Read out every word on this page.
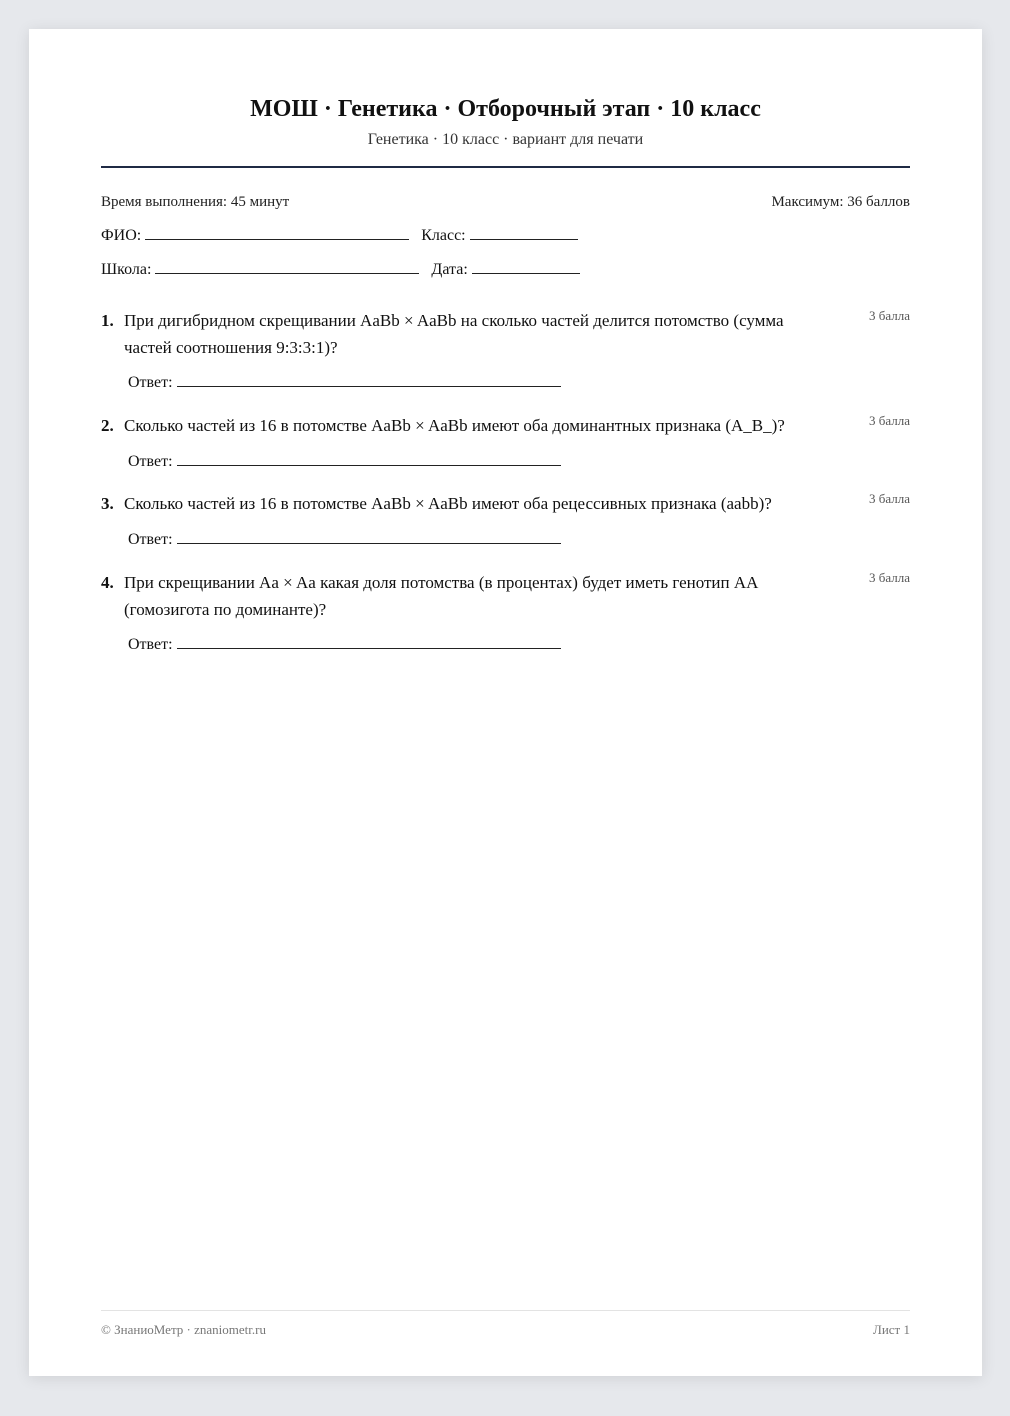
МОШ · Генетика · Отборочный этап · 10 класс
Генетика · 10 класс · вариант для печати
Время выполнения: 45 минут	Максимум: 36 баллов
ФИО:	Класс:
Школа:	Дата:
1. При дигибридном скрещивании AaBb × AaBb на сколько частей делится потомство (сумма частей соотношения 9:3:3:1)?
3 балла
Ответ:
2. Сколько частей из 16 в потомстве AaBb × AaBb имеют оба доминантных признака (A_B_)?	3 балла
Ответ:
3. Сколько частей из 16 в потомстве AaBb × AaBb имеют оба рецессивных признака (aabb)?	3 балла
Ответ:
4. При скрещивании Aa × Aa какая доля потомства (в процентах) будет иметь генотип AA (гомозигота по доминанте)?
3 балла
Ответ:
© ЗнаниоМетр · znaniometr.ru	Лист 1
